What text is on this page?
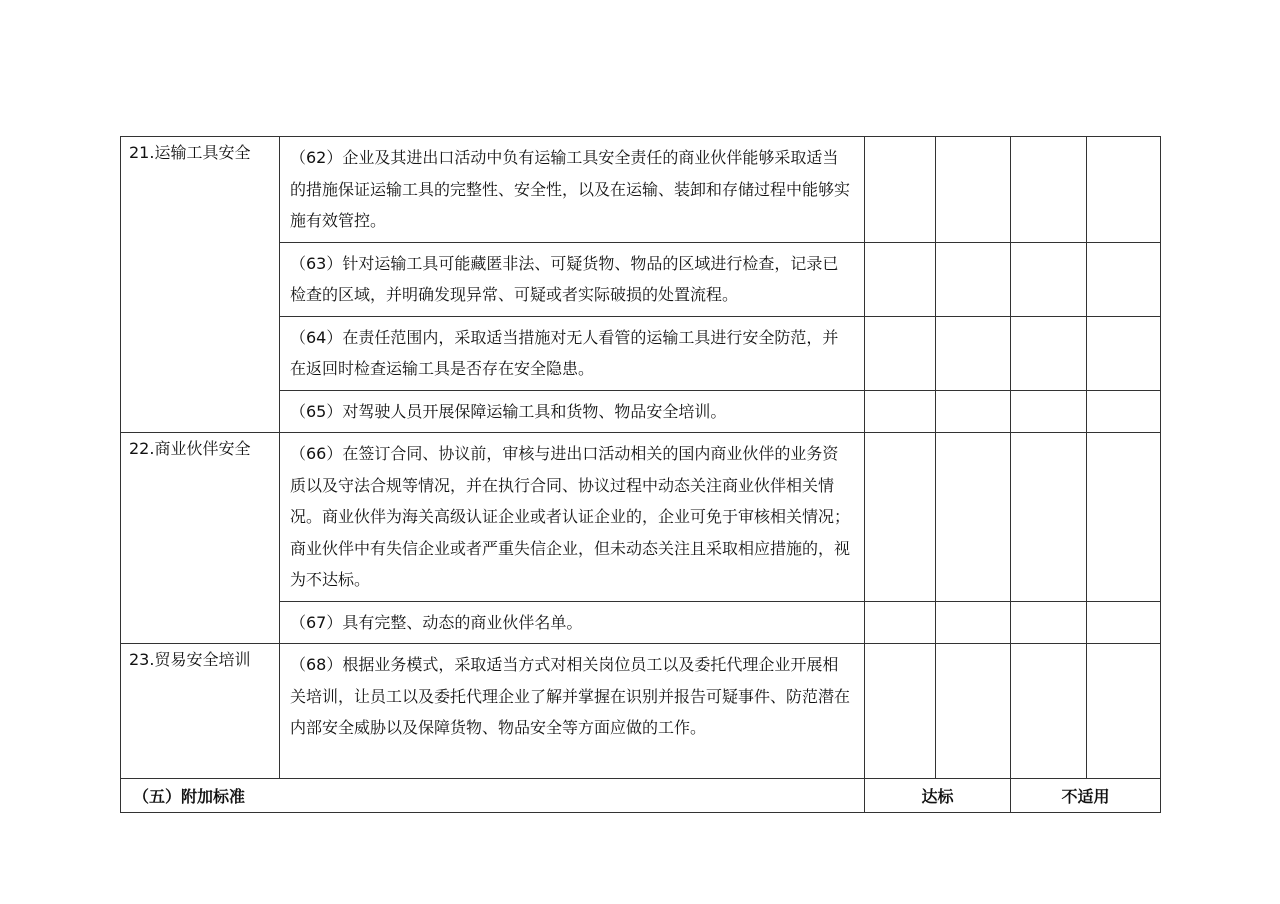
21.运输工具安全	（62）企业及其进出口活动中负有运输工具安全责任的商业伙伴能够采取适当的措施保证运输工具的完整性、安全性，以及在运输、装卸和存储过程中能够实施有效管控。				

	（63）针对运输工具可能藏匿非法、可疑货物、物品的区域进行检查，记录已检查的区域，并明确发现异常、可疑或者实际破损的处置流程。				

	（64）在责任范围内，采取适当措施对无人看管的运输工具进行安全防范，并在返回时检查运输工具是否存在安全隐患。				

	（65）对驾驶人员开展保障运输工具和货物、物品安全培训。				

22.商业伙伴安全	（66）在签订合同、协议前，审核与进出口活动相关的国内商业伙伴的业务资质以及守法合规等情况，并在执行合同、协议过程中动态关注商业伙伴相关情况。商业伙伴为海关高级认证企业或者认证企业的，企业可免于审核相关情况；商业伙伴中有失信企业或者严重失信企业，但未动态关注且采取相应措施的，视为不达标。				

	（67）具有完整、动态的商业伙伴名单。				

23.贸易安全培训	（68）根据业务模式，采取适当方式对相关岗位员工以及委托代理企业开展相关培训，让员工以及委托代理企业了解并掌握在识别并报告可疑事件、防范潜在内部安全威胁以及保障货物、物品安全等方面应做的工作。				

（五）附加标准		达标		不适用	
